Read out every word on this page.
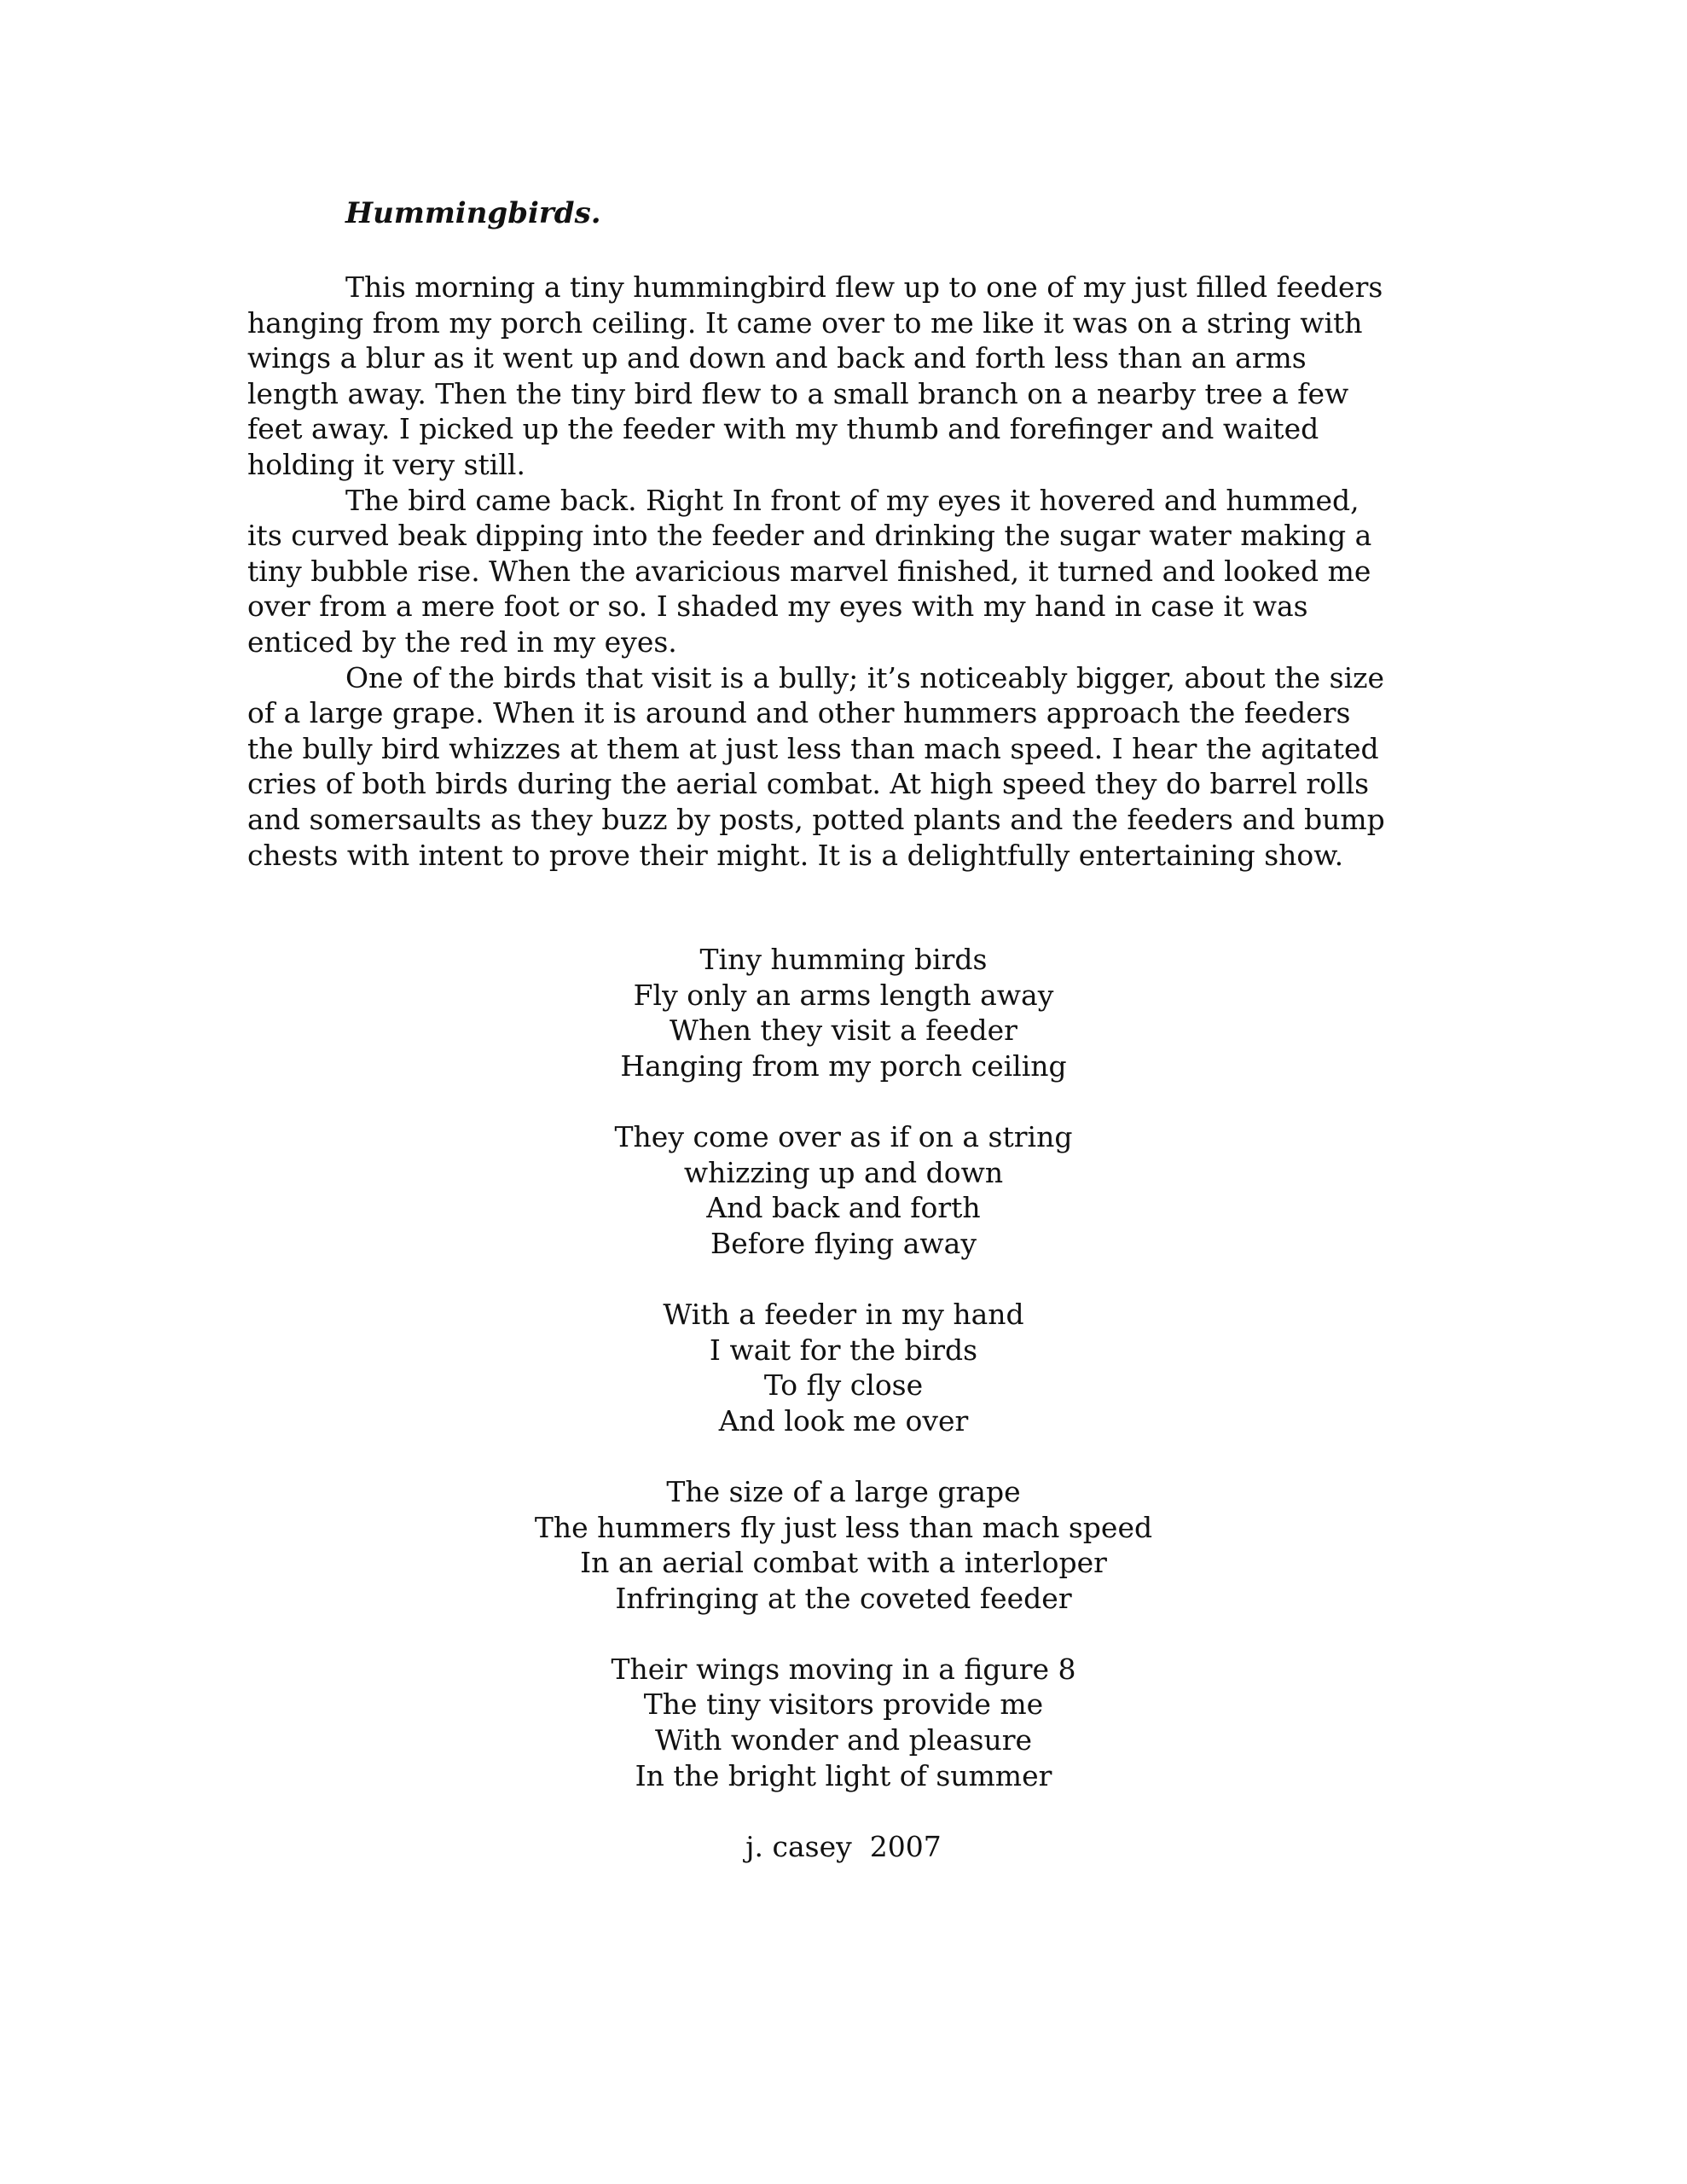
Hummingbirds.
This morning a tiny hummingbird flew up to one of my just filled feeders
hanging from my porch ceiling. It came over to me like it was on a string with
wings a blur as it went up and down and back and forth less than an arms
length away. Then the tiny bird flew to a small branch on a nearby tree a few
feet away. I picked up the feeder with my thumb and forefinger and waited
holding it very still.
The bird came back. Right In front of my eyes it hovered and hummed,
its curved beak dipping into the feeder and drinking the sugar water making a
tiny bubble rise. When the avaricious marvel finished, it turned and looked me
over from a mere foot or so. I shaded my eyes with my hand in case it was
enticed by the red in my eyes.
One of the birds that visit is a bully; it’s noticeably bigger, about the size
of a large grape. When it is around and other hummers approach the feeders
the bully bird whizzes at them at just less than mach speed. I hear the agitated
cries of both birds during the aerial combat. At high speed they do barrel rolls
and somersaults as they buzz by posts, potted plants and the feeders and bump
chests with intent to prove their might. It is a delightfully entertaining show.
Tiny humming birds
Fly only an arms length away
When they visit a feeder
Hanging from my porch ceiling
They come over as if on a string
whizzing up and down
And back and forth
Before flying away
With a feeder in my hand
I wait for the birds
To fly close
And look me over
The size of a large grape
The hummers fly just less than mach speed
In an aerial combat with a interloper
Infringing at the coveted feeder
Their wings moving in a figure 8
The tiny visitors provide me
With wonder and pleasure
In the bright light of summer
j. casey  2007
